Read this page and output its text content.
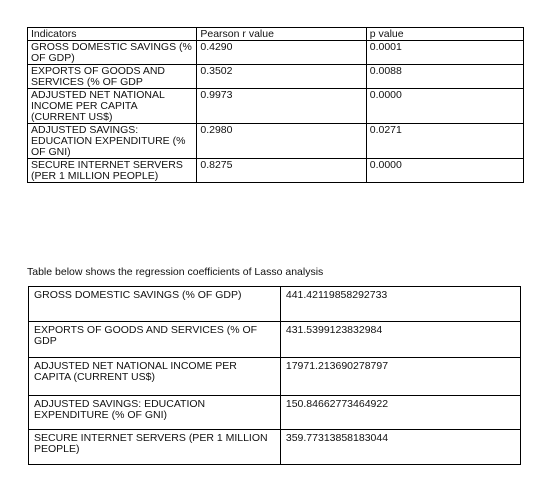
Indicators	Pearson r value	p value
GROSS DOMESTIC SAVINGS (% OF GDP)	0.4290	0.0001
EXPORTS OF GOODS AND SERVICES (% OF GDP	0.3502	0.0088
ADJUSTED NET NATIONAL INCOME PER CAPITA (CURRENT US$)	0.9973	0.0000
ADJUSTED SAVINGS: EDUCATION EXPENDITURE (% OF GNI)	0.2980	0.0271
SECURE INTERNET SERVERS (PER 1 MILLION PEOPLE)	0.8275	0.0000
Table below shows the regression coefficients of Lasso analysis
GROSS DOMESTIC SAVINGS (% OF GDP)	441.42119858292733
EXPORTS OF GOODS AND SERVICES (% OF GDP	431.5399123832984
ADJUSTED NET NATIONAL INCOME PER CAPITA (CURRENT US$)	17971.213690278797
ADJUSTED SAVINGS: EDUCATION EXPENDITURE (% OF GNI)	150.84662773464922
SECURE INTERNET SERVERS (PER 1 MILLION PEOPLE)	359.77313858183044
